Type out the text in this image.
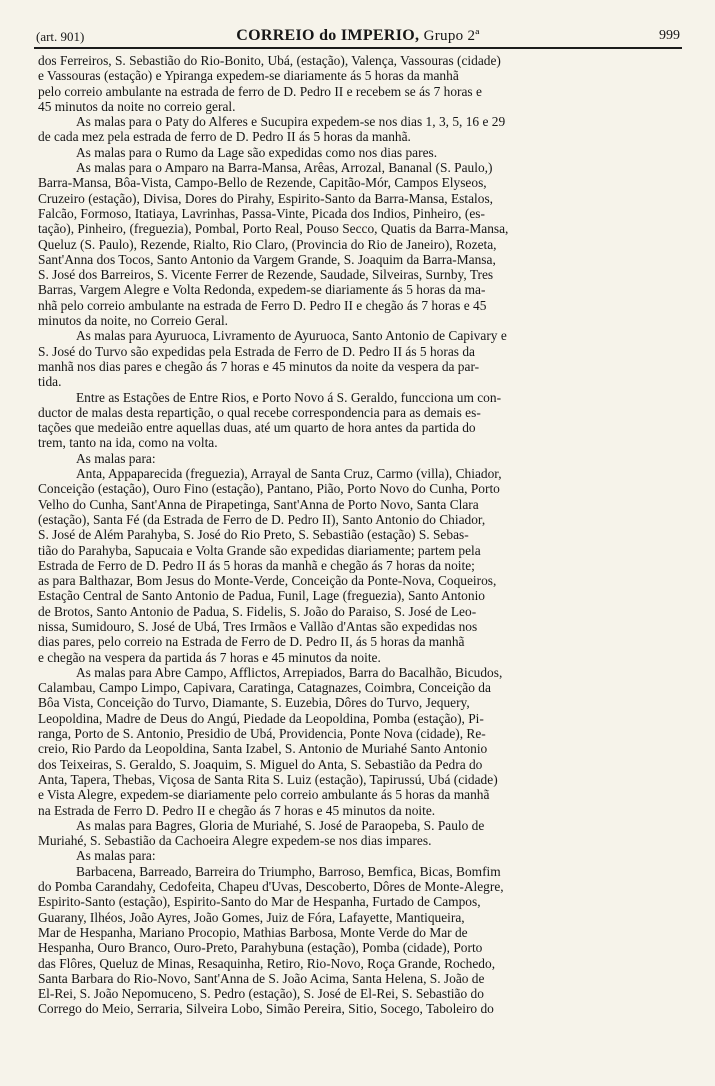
(art. 901)	CORREIO do IMPERIO, Grupo 2ª	999
dos Ferreiros, S. Sebastião do Rio-Bonito, Ubá, (estação), Valença, Vassouras (cidade)
e Vassouras (estação) e Ypiranga expedem-se diariamente ás 5 horas da manhã
pelo correio ambulante na estrada de ferro de D. Pedro II e recebem se ás 7 horas e
45 minutos da noite no correio geral.
As malas para o Paty do Alferes e Sucupira expedem-se nos dias 1, 3, 5, 16 e 29
de cada mez pela estrada de ferro de D. Pedro II ás 5 horas da manhã.
As malas para o Rumo da Lage são expedidas como nos dias pares.
As malas para o Amparo na Barra-Mansa, Arêas, Arrozal, Bananal (S. Paulo,)
Barra-Mansa, Bôa-Vista, Campo-Bello de Rezende, Capitão-Mór, Campos Elyseos,
Cruzeiro (estação), Divisa, Dores do Pirahy, Espirito-Santo da Barra-Mansa, Estalos,
Falcão, Formoso, Itatiaya, Lavrinhas, Passa-Vinte, Picada dos Indios, Pinheiro, (es-
tação), Pinheiro, (freguezia), Pombal, Porto Real, Pouso Secco, Quatis da Barra-Mansa,
Queluz (S. Paulo), Rezende, Rialto, Rio Claro, (Provincia do Rio de Janeiro), Rozeta,
Sant'Anna dos Tocos, Santo Antonio da Vargem Grande, S. Joaquim da Barra-Mansa,
S. José dos Barreiros, S. Vicente Ferrer de Rezende, Saudade, Silveiras, Surnby, Tres
Barras, Vargem Alegre e Volta Redonda, expedem-se diariamente ás 5 horas da ma-
nhã pelo correio ambulante na estrada de Ferro D. Pedro II e chegão ás 7 horas e 45
minutos da noite, no Correio Geral.
As malas para Ayuruoca, Livramento de Ayuruoca, Santo Antonio de Capivary e
S. José do Turvo são expedidas pela Estrada de Ferro de D. Pedro II ás 5 horas da
manhã nos dias pares e chegão ás 7 horas e 45 minutos da noite da vespera da par-
tida.
Entre as Estações de Entre Rios, e Porto Novo á S. Geraldo, funcciona um con-
ductor de malas desta repartição, o qual recebe correspondencia para as demais es-
tações que medeião entre aquellas duas, até um quarto de hora antes da partida do
trem, tanto na ida, como na volta.
As malas para:
Anta, Appaparecida (freguezia), Arrayal de Santa Cruz, Carmo (villa), Chiador,
Conceição (estação), Ouro Fino (estação), Pantano, Pião, Porto Novo do Cunha, Porto
Velho do Cunha, Sant'Anna de Pirapetinga, Sant'Anna de Porto Novo, Santa Clara
(estação), Santa Fé (da Estrada de Ferro de D. Pedro II), Santo Antonio do Chiador,
S. José de Além Parahyba, S. José do Rio Preto, S. Sebastião (estação) S. Sebas-
tião do Parahyba, Sapucaia e Volta Grande são expedidas diariamente; partem pela
Estrada de Ferro de D. Pedro II ás 5 horas da manhã e chegão ás 7 horas da noite;
as para Balthazar, Bom Jesus do Monte-Verde, Conceição da Ponte-Nova, Coqueiros,
Estação Central de Santo Antonio de Padua, Funil, Lage (freguezia), Santo Antonio
de Brotos, Santo Antonio de Padua, S. Fidelis, S. João do Paraiso, S. José de Leo-
nissa, Sumidouro, S. José de Ubá, Tres Irmãos e Vallão d'Antas são expedidas nos
dias pares, pelo correio na Estrada de Ferro de D. Pedro II, ás 5 horas da manhã
e chegão na vespera da partida ás 7 horas e 45 minutos da noite.
As malas para Abre Campo, Afflictos, Arrepiados, Barra do Bacalhão, Bicudos,
Calambau, Campo Limpo, Capivara, Caratinga, Catagnazes, Coimbra, Conceição da
Bôa Vista, Conceição do Turvo, Diamante, S. Euzebia, Dôres do Turvo, Jequery,
Leopoldina, Madre de Deus do Angú, Piedade da Leopoldina, Pomba (estação), Pi-
ranga, Porto de S. Antonio, Presidio de Ubá, Providencia, Ponte Nova (cidade), Re-
creio, Rio Pardo da Leopoldina, Santa Izabel, S. Antonio de Muriahé Santo Antonio
dos Teixeiras, S. Geraldo, S. Joaquim, S. Miguel do Anta, S. Sebastião da Pedra do
Anta, Tapera, Thebas, Viçosa de Santa Rita S. Luiz (estação), Tapirussú, Ubá (cidade)
e Vista Alegre, expedem-se diariamente pelo correio ambulante ás 5 horas da manhã
na Estrada de Ferro D. Pedro II e chegão ás 7 horas e 45 minutos da noite.
As malas para Bagres, Gloria de Muriahé, S. José de Paraopeba, S. Paulo de
Muriahé, S. Sebastião da Cachoeira Alegre expedem-se nos dias impares.
As malas para:
Barbacena, Barreado, Barreira do Triumpho, Barroso, Bemfica, Bicas, Bomfim
do Pomba Carandahy, Cedofeita, Chapeu d'Uvas, Descoberto, Dôres de Monte-Alegre,
Espirito-Santo (estação), Espirito-Santo do Mar de Hespanha, Furtado de Campos,
Guarany, Ilhéos, João Ayres, João Gomes, Juiz de Fóra, Lafayette, Mantiqueira,
Mar de Hespanha, Mariano Procopio, Mathias Barbosa, Monte Verde do Mar de
Hespanha, Ouro Branco, Ouro-Preto, Parahybuna (estação), Pomba (cidade), Porto
das Flôres, Queluz de Minas, Resaquinha, Retiro, Rio-Novo, Roça Grande, Rochedo,
Santa Barbara do Rio-Novo, Sant'Anna de S. João Acima, Santa Helena, S. João de
El-Rei, S. João Nepomuceno, S. Pedro (estação), S. José de El-Rei, S. Sebastião do
Corrego do Meio, Serraria, Silveira Lobo, Simão Pereira, Sitio, Socego, Taboleiro do
